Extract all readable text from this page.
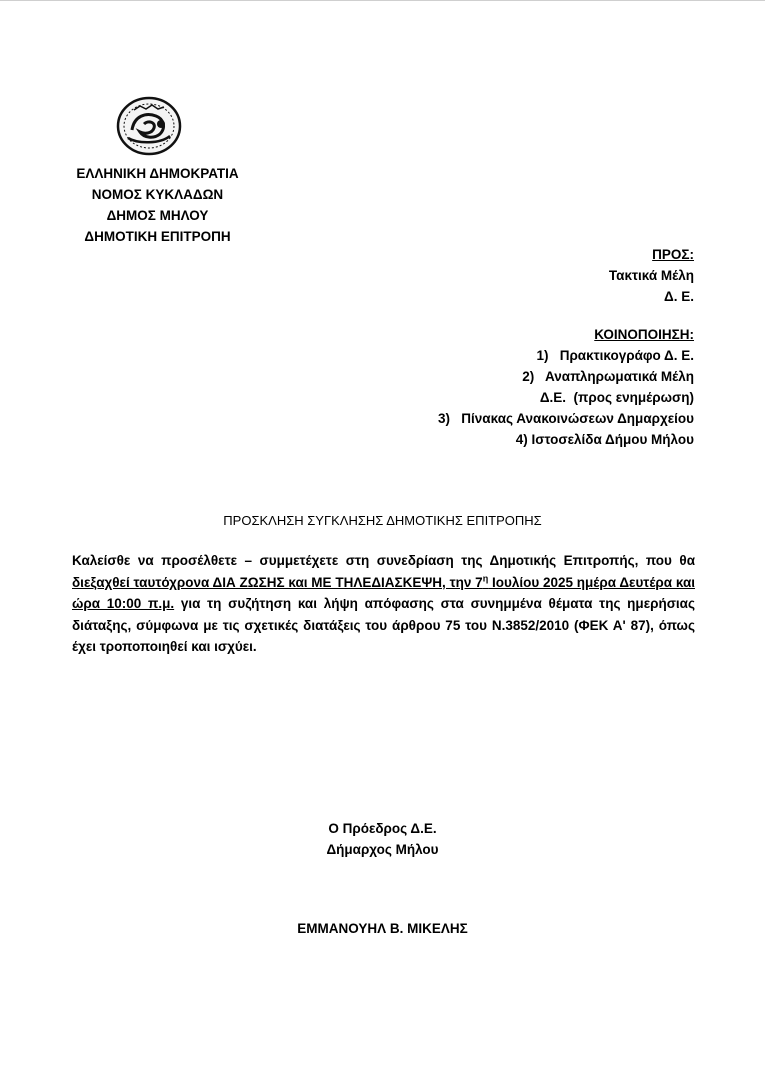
ΕΛΛΗΝΙΚΗ ΔΗΜΟΚΡΑΤΙΑ
ΝΟΜΟΣ ΚΥΚΛΑΔΩΝ
ΔΗΜΟΣ ΜΗΛΟΥ
ΔΗΜΟΤΙΚΗ ΕΠΙΤΡΟΠΗ
ΠΡΟΣ:
Τακτικά Μέλη
Δ. Ε.
ΚΟΙΝΟΠΟΙΗΣΗ:
1)   Πρακτικογράφο Δ. Ε.
2)   Αναπληρωματικά Μέλη
Δ.Ε.  (προς ενημέρωση)
3)   Πίνακας Ανακοινώσεων Δημαρχείου
4) Ιστοσελίδα Δήμου Μήλου
ΠΡΟΣΚΛΗΣΗ ΣΥΓΚΛΗΣΗΣ ΔΗΜΟΤΙΚΗΣ ΕΠΙΤΡΟΠΗΣ
Καλείσθε να προσέλθετε – συμμετέχετε στη συνεδρίαση της Δημοτικής Επιτροπής, που θα διεξαχθεί ταυτόχρονα ΔΙΑ ΖΩΣΗΣ και ΜΕ ΤΗΛΕΔΙΑΣΚΕΨΗ, την $7^\eta$ Ιουλίου 2025 ημέρα Δευτέρα και ώρα 10:00 π.μ. για τη συζήτηση και λήψη απόφασης στα συνημμένα θέματα της ημερήσιας διάταξης, σύμφωνα με τις σχετικές διατάξεις του άρθρου 75 του Ν.3852/2010 (ΦΕΚ Α' 87), όπως έχει τροποποιηθεί και ισχύει.
Ο Πρόεδρος Δ.Ε.
Δήμαρχος Μήλου
ΕΜΜΑΝΟΥΗΛ Β. ΜΙΚΕΛΗΣ
